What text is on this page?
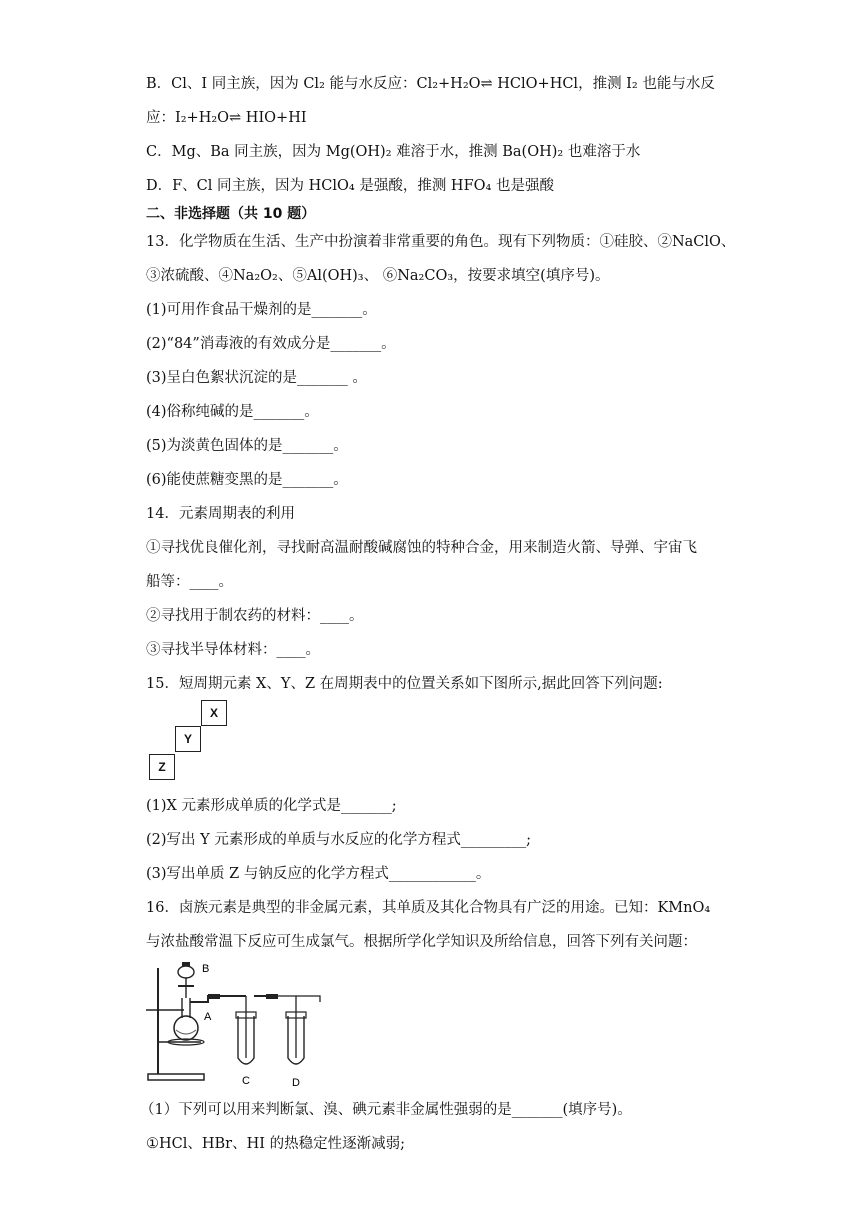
B．Cl、I 同主族，因为 Cl₂ 能与水反应：Cl₂+H₂O⇌ HClO+HCl，推测 I₂ 也能与水反
应：I₂+H₂O⇌ HIO+HI
C．Mg、Ba 同主族，因为 Mg(OH)₂ 难溶于水，推测 Ba(OH)₂ 也难溶于水
D．F、Cl 同主族，因为 HClO₄ 是强酸，推测 HFO₄ 也是强酸
二、非选择题（共 10 题）
13．化学物质在生活、生产中扮演着非常重要的角色。现有下列物质：①硅胶、②NaClO、
③浓硫酸、④Na₂O₂、⑤Al(OH)₃、 ⑥Na₂CO₃，按要求填空(填序号)。
(1)可用作食品干燥剂的是_______。
(2)“84”消毒液的有效成分是_______。
(3)呈白色絮状沉淀的是_______ 。
(4)俗称纯碱的是_______。
(5)为淡黄色固体的是_______。
(6)能使蔗糖变黑的是_______。
14．元素周期表的利用
①寻找优良催化剂，寻找耐高温耐酸碱腐蚀的特种合金，用来制造火箭、导弹、宇宙飞
船等：____。
②寻找用于制农药的材料：____。
③寻找半导体材料：____。
15．短周期元素 X、Y、Z 在周期表中的位置关系如下图所示,据此回答下列问题:
X
Y
Z
(1)X 元素形成单质的化学式是_______;
(2)写出 Y 元素形成的单质与水反应的化学方程式_________;
(3)写出单质 Z 与钠反应的化学方程式____________。
16．卤族元素是典型的非金属元素，其单质及其化合物具有广泛的用途。已知：KMnO₄
与浓盐酸常温下反应可生成氯气。根据所学化学知识及所给信息，回答下列有关问题：
B
A
C	D
（1）下列可以用来判断氯、溴、碘元素非金属性强弱的是_______(填序号)。
①HCl、HBr、HI 的热稳定性逐渐减弱;
